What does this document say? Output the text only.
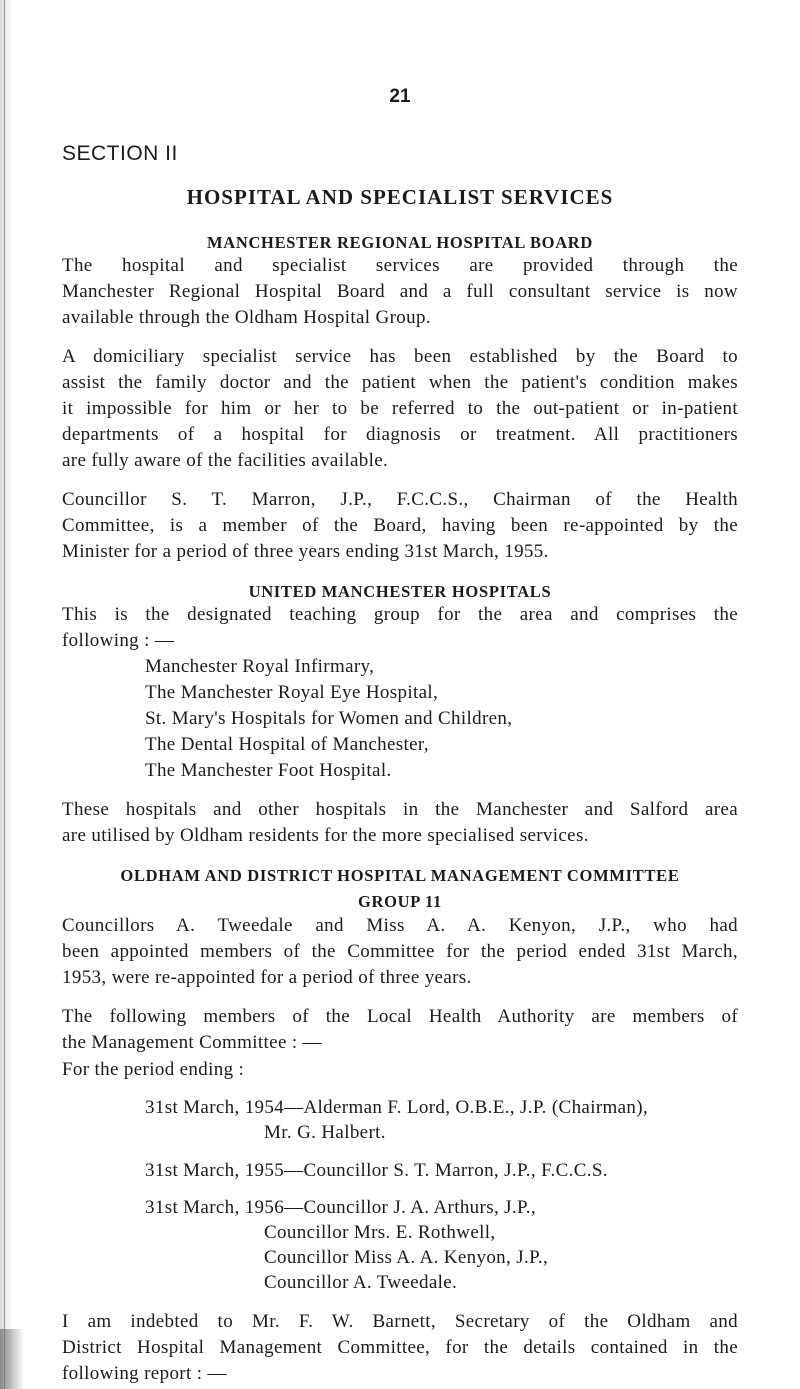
21
SECTION II
HOSPITAL AND SPECIALIST SERVICES
MANCHESTER REGIONAL HOSPITAL BOARD
The hospital and specialist services are provided through the
Manchester Regional Hospital Board and a full consultant service is now
available through the Oldham Hospital Group.
A domiciliary specialist service has been established by the Board to
assist the family doctor and the patient when the patient's condition makes
it impossible for him or her to be referred to the out-patient or in-patient
departments of a hospital for diagnosis or treatment. All practitioners
are fully aware of the facilities available.
Councillor S. T. Marron, J.P., F.C.C.S., Chairman of the Health
Committee, is a member of the Board, having been re-appointed by the
Minister for a period of three years ending 31st March, 1955.
UNITED MANCHESTER HOSPITALS
This is the designated teaching group for the area and comprises the
following : —
Manchester Royal Infirmary,
The Manchester Royal Eye Hospital,
St. Mary's Hospitals for Women and Children,
The Dental Hospital of Manchester,
The Manchester Foot Hospital.
These hospitals and other hospitals in the Manchester and Salford area
are utilised by Oldham residents for the more specialised services.
OLDHAM AND DISTRICT HOSPITAL MANAGEMENT COMMITTEE
GROUP 11
Councillors A. Tweedale and Miss A. A. Kenyon, J.P., who had
been appointed members of the Committee for the period ended 31st March,
1953, were re-appointed for a period of three years.
The following members of the Local Health Authority are members of
the Management Committee : —
For the period ending :
31st March, 1954—Alderman F. Lord, O.B.E., J.P. (Chairman),
Mr. G. Halbert.
31st March, 1955—Councillor S. T. Marron, J.P., F.C.C.S.
31st March, 1956—Councillor J. A. Arthurs, J.P.,
Councillor Mrs. E. Rothwell,
Councillor Miss A. A. Kenyon, J.P.,
Councillor A. Tweedale.
I am indebted to Mr. F. W. Barnett, Secretary of the Oldham and
District Hospital Management Committee, for the details contained in the
following report : —
